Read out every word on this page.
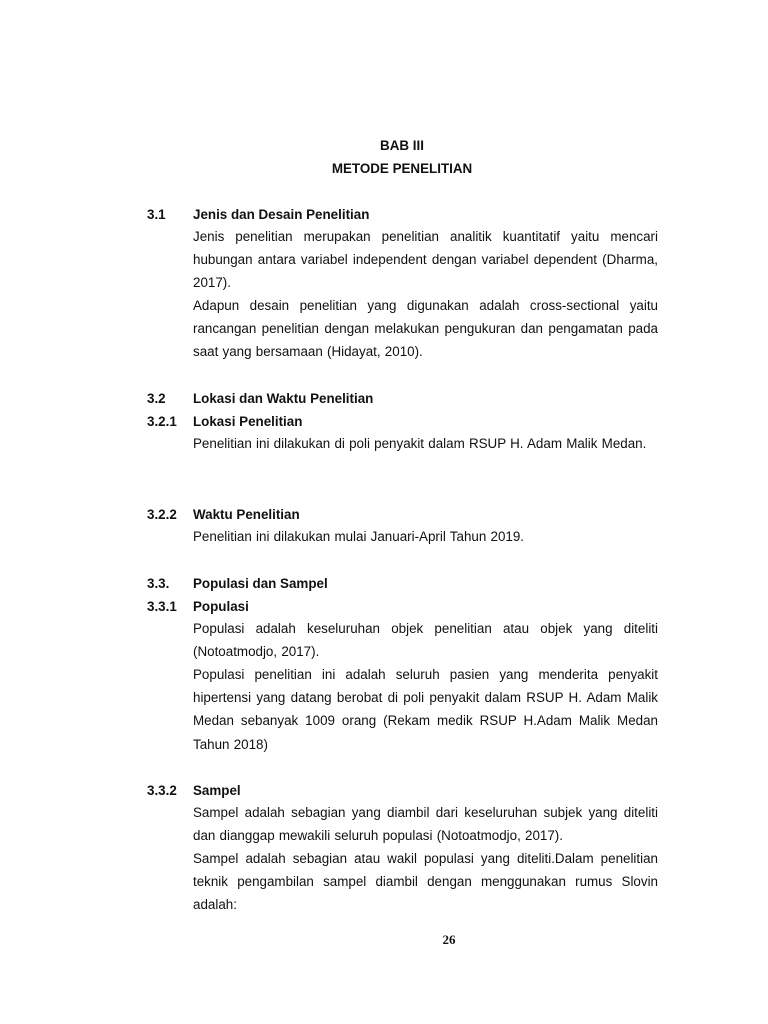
BAB III

METODE PENELITIAN

3.1 Jenis dan Desain Penelitian

Jenis penelitian merupakan penelitian analitik kuantitatif yaitu mencari hubungan antara variabel independent dengan variabel dependent (Dharma, 2017).

Adapun desain penelitian yang digunakan adalah cross-sectional yaitu rancangan penelitian dengan melakukan pengukuran dan pengamatan pada saat yang bersamaan (Hidayat, 2010).

3.2 Lokasi dan Waktu Penelitian

3.2.1 Lokasi Penelitian

Penelitian ini dilakukan di poli penyakit dalam RSUP H. Adam Malik Medan.

3.2.2 Waktu Penelitian

Penelitian ini dilakukan mulai Januari-April Tahun 2019.

3.3. Populasi dan Sampel

3.3.1 Populasi

Populasi adalah keseluruhan objek penelitian atau objek yang diteliti (Notoatmodjo, 2017).

Populasi penelitian ini adalah seluruh pasien yang menderita penyakit hipertensi yang datang berobat di poli penyakit dalam RSUP H. Adam Malik Medan sebanyak 1009 orang (Rekam medik RSUP H.Adam Malik Medan Tahun 2018)

3.3.2 Sampel

Sampel adalah sebagian yang diambil dari keseluruhan subjek yang diteliti dan dianggap mewakili seluruh populasi (Notoatmodjo, 2017).

Sampel adalah sebagian atau wakil populasi yang diteliti.Dalam penelitian teknik pengambilan sampel diambil dengan menggunakan rumus Slovin adalah:

26
